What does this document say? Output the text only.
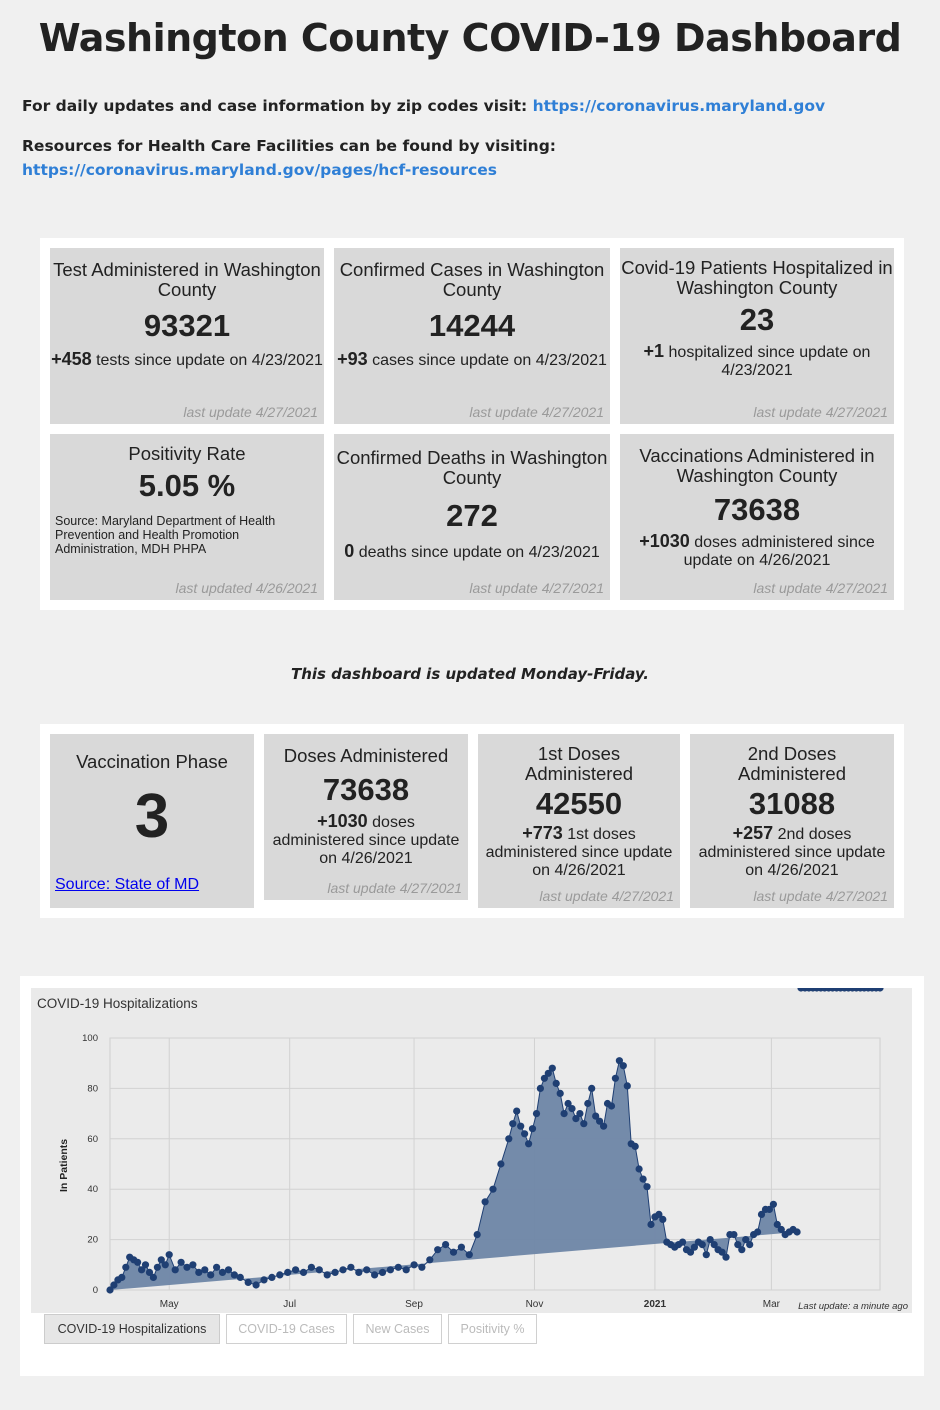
Washington County COVID-19 Dashboard
For daily updates and case information by zip codes visit: https://coronavirus.maryland.gov
Resources for Health Care Facilities can be found by visiting: https://coronavirus.maryland.gov/pages/hcf-resources
Test Administered in Washington County
93321
+458 tests since update on 4/23/2021
last update 4/27/2021
Confirmed Cases in Washington County
14244
+93 cases since update on 4/23/2021
last update 4/27/2021
Covid-19 Patients Hospitalized in Washington County
23
+1 hospitalized since update on 4/23/2021
last update 4/27/2021
Positivity Rate
5.05 %
Source: Maryland Department of Health Prevention and Health Promotion Administration, MDH PHPA
last updated 4/26/2021
Confirmed Deaths in Washington County
272
0 deaths since update on 4/23/2021
last update 4/27/2021
Vaccinations Administered in Washington County
73638
+1030 doses administered since update on 4/26/2021
last update 4/27/2021
This dashboard is updated Monday-Friday.
Vaccination Phase
3
Source: State of MD
Doses Administered
73638
+1030 doses administered since update on 4/26/2021
last update 4/27/2021
1st Doses Administered
42550
+773 1st doses administered since update on 4/26/2021
last update 4/27/2021
2nd Doses Administered
31088
+257 2nd doses administered since update on 4/26/2021
last update 4/27/2021
COVID-19 Hospitalizations
0
20
40
60
80
100
May	Jul	Sep	Nov	2021	Mar
In Patients
Last update: a minute ago
COVID-19 Hospitalizations	COVID-19 Cases	New Cases	Positivity %
